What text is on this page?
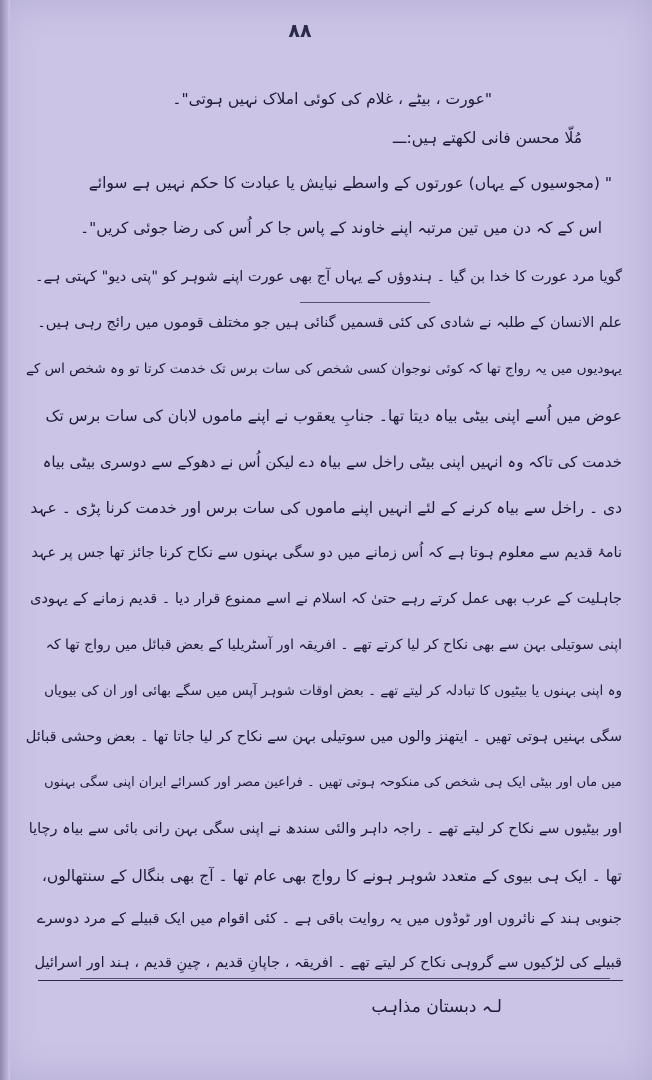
۸۸
"عورت ، بیٹے ، غلام کی کوئی املاک نہیں ہوتی"۔
مُلّا محسن فانی لکھتے ہیں:ـــ
" (مجوسیوں کے یہاں) عورتوں کے واسطے نیایش یا عبادت کا حکم نہیں ہے سوائے
اس کے کہ دن میں تین مرتبہ اپنے خاوند کے پاس جا کر اُس کی رضا جوئی کریں"۔
گویا مرد عورت کا خدا بن گیا ۔ ہندوؤں کے یہاں آج بھی عورت اپنے شوہر کو "پتی دیو" کہتی ہے۔
علم الانسان کے طلبہ نے شادی کی کئی قسمیں گنائی ہیں جو مختلف قوموں میں رائج رہی ہیں۔
یہودیوں میں یہ رواج تھا کہ کوئی نوجوان کسی شخص کی سات برس تک خدمت کرتا تو وہ شخص اس کے
عوض میں اُسے اپنی بیٹی بیاہ دیتا تھا۔ جنابِ یعقوب نے اپنے ماموں لابان کی سات برس تک
خدمت کی تاکہ وہ انہیں اپنی بیٹی راخل سے بیاہ دے لیکن اُس نے دھوکے سے دوسری بیٹی بیاہ
دی ۔ راخل سے بیاہ کرنے کے لئے انہیں اپنے ماموں کی سات برس اور خدمت کرنا پڑی ۔ عہد
نامۂ قدیم سے معلوم ہوتا ہے کہ اُس زمانے میں دو سگی بہنوں سے نکاح کرنا جائز تھا جس پر عہد
جاہلیت کے عرب بھی عمل کرتے رہے حتیٰ کہ اسلام نے اسے ممنوع قرار دیا ۔ قدیم زمانے کے یہودی
اپنی سوتیلی بہن سے بھی نکاح کر لیا کرتے تھے ۔ افریقہ اور آسٹریلیا کے بعض قبائل میں رواج تھا کہ
وہ اپنی بہنوں یا بیٹیوں کا تبادلہ کر لیتے تھے ۔ بعض اوقات شوہر آپس میں سگے بھائی اور ان کی بیویاں
سگی بہنیں ہوتی تھیں ۔ ایتھنز والوں میں سوتیلی بہن سے نکاح کر لیا جاتا تھا ۔ بعض وحشی قبائل
میں ماں اور بیٹی ایک ہی شخص کی منکوحہ ہوتی تھیں ۔ فراعین مصر اور کسرائے ایران اپنی سگی بہنوں
اور بیٹیوں سے نکاح کر لیتے تھے ۔ راجہ داہر والئی سندھ نے اپنی سگی بہن رانی بائی سے بیاہ رچایا
تھا ۔ ایک ہی بیوی کے متعدد شوہر ہونے کا رواج بھی عام تھا ۔ آج بھی بنگال کے سنتھالوں،
جنوبی ہند کے نائروں اور ٹوڈوں میں یہ روایت باقی ہے ۔ کئی اقوام میں ایک قبیلے کے مرد دوسرے
قبیلے کی لڑکیوں سے گروہی نکاح کر لیتے تھے ۔ افریقہ ، جاپانِ قدیم ، چینِ قدیم ، ہند اور اسرائیل
لـہ دبستان مذاہب
